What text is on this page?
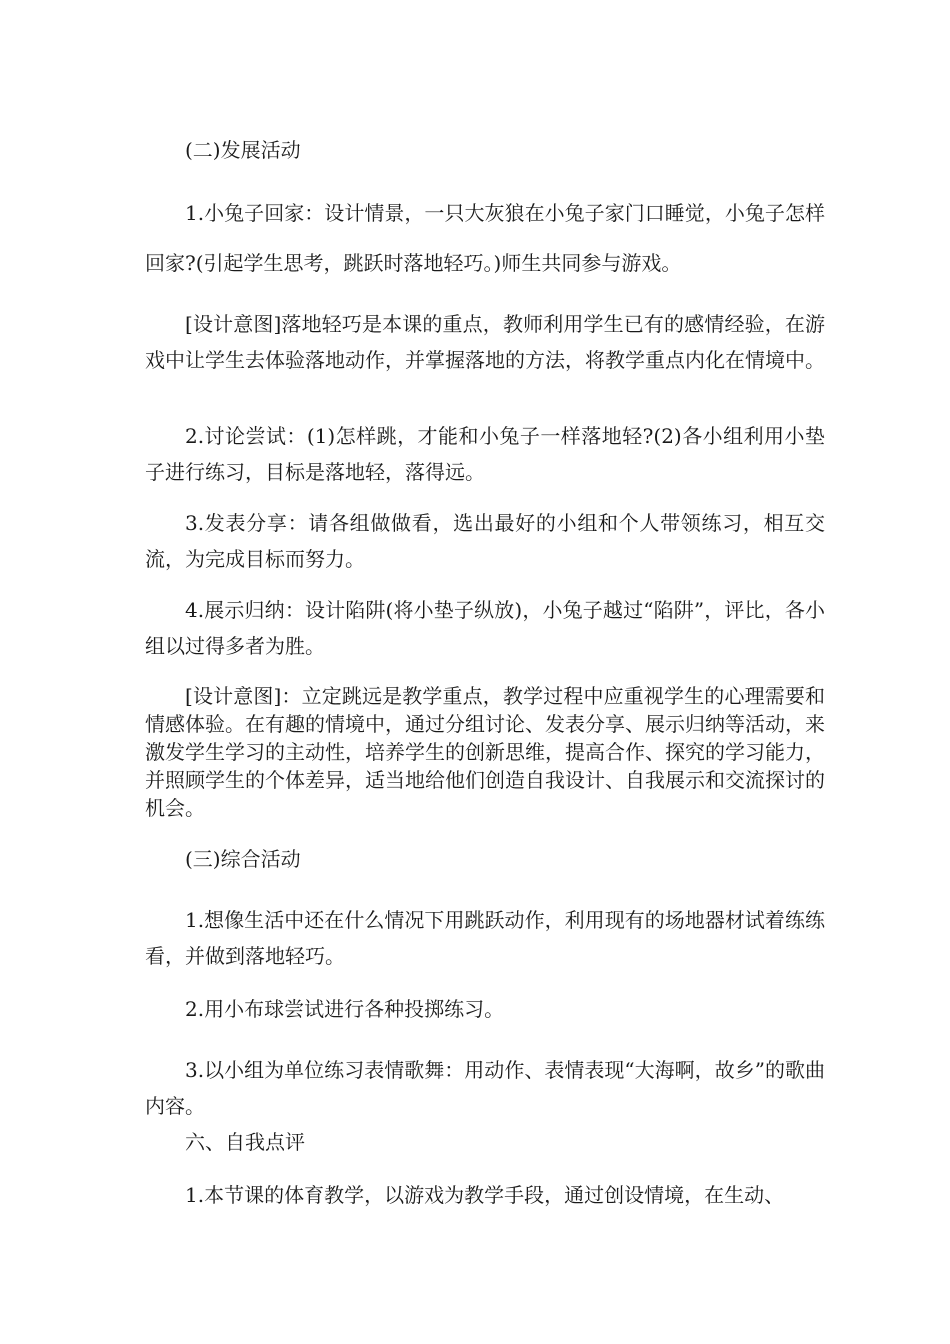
(二)发展活动

1.小兔子回家：设计情景，一只大灰狼在小兔子家门口睡觉，小兔子怎样回家?(引起学生思考，跳跃时落地轻巧。)师生共同参与游戏。

[设计意图]落地轻巧是本课的重点，教师利用学生已有的感情经验，在游戏中让学生去体验落地动作，并掌握落地的方法，将教学重点内化在情境中。

2.讨论尝试：(1)怎样跳，才能和小兔子一样落地轻?(2)各小组利用小垫子进行练习，目标是落地轻，落得远。

3.发表分享：请各组做做看，选出最好的小组和个人带领练习，相互交流，为完成目标而努力。

4.展示归纳：设计陷阱(将小垫子纵放)，小兔子越过“陷阱”，评比，各小组以过得多者为胜。

[设计意图]：立定跳远是教学重点，教学过程中应重视学生的心理需要和情感体验。在有趣的情境中，通过分组讨论、发表分享、展示归纳等活动，来激发学生学习的主动性，培养学生的创新思维，提高合作、探究的学习能力，并照顾学生的个体差异，适当地给他们创造自我设计、自我展示和交流探讨的机会。

(三)综合活动

1.想像生活中还在什么情况下用跳跃动作，利用现有的场地器材试着练练看，并做到落地轻巧。

2.用小布球尝试进行各种投掷练习。

3.以小组为单位练习表情歌舞：用动作、表情表现“大海啊，故乡”的歌曲内容。

六、自我点评

1.本节课的体育教学，以游戏为教学手段，通过创设情境，在生动、
